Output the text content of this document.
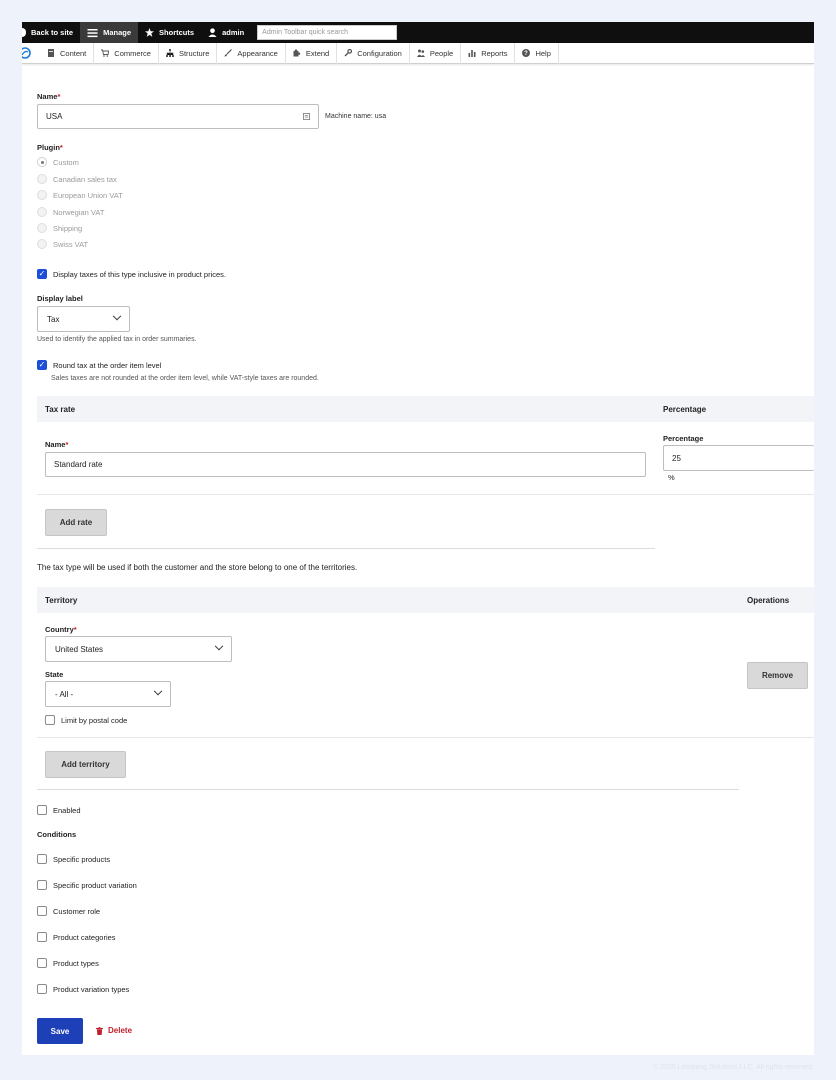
Back to site	Manage	Shortcuts	admin	Admin Toolbar quick search
Content	Commerce	Structure	Appearance	Extend	Configuration	People	Reports	? Help
Name*
USA	Machine name: usa
Plugin*
Custom
Canadian sales tax
European Union VAT
Norwegian VAT
Shipping
Swiss VAT
✓ Display taxes of this type inclusive in product prices.
Display label
Tax
Used to identify the applied tax in order summaries.
✓ Round tax at the order item level
Sales taxes are not rounded at the order item level, while VAT-style taxes are rounded.
Tax rate	Percentage
Name*
Standard rate
Percentage
25
%
Add rate
The tax type will be used if both the customer and the store belong to one of the territories.
Territory	Operations
Country*
United States
State
- All -
Limit by postal code
Remove
Add territory
Enabled
Conditions
Specific products
Specific product variation
Customer role
Product categories
Product types
Product variation types
Save	Delete
© 2025 Lembang Solutions LLC. All rights reserved.
